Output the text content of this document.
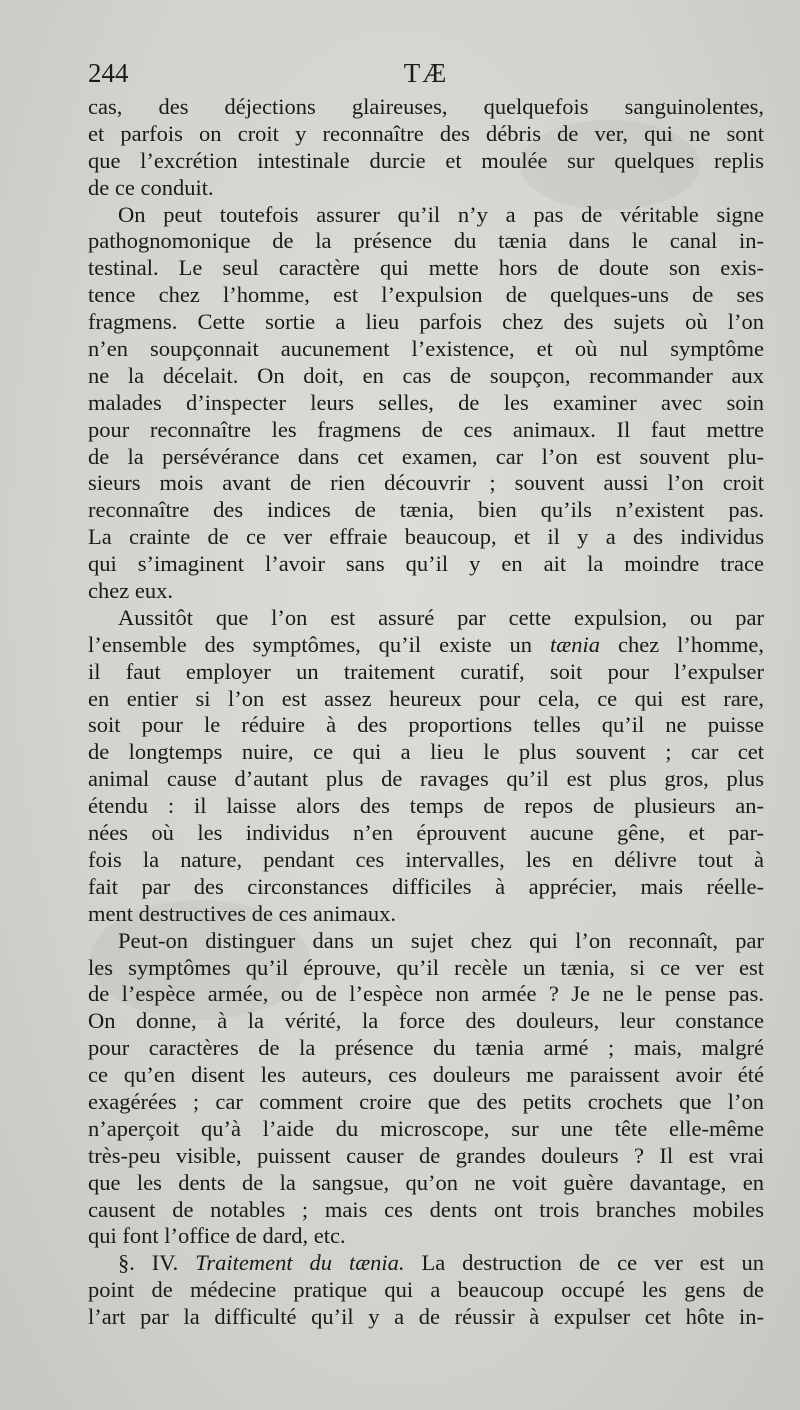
244	TÆ
cas, des déjections glaireuses, quelquefois sanguinolentes,
et parfois on croit y reconnaître des débris de ver, qui ne sont
que l’excrétion intestinale durcie et moulée sur quelques replis
de ce conduit.
On peut toutefois assurer qu’il n’y a pas de véritable signe
pathognomonique de la présence du tænia dans le canal in-
testinal. Le seul caractère qui mette hors de doute son exis-
tence chez l’homme, est l’expulsion de quelques-uns de ses
fragmens. Cette sortie a lieu parfois chez des sujets où l’on
n’en soupçonnait aucunement l’existence, et où nul symptôme
ne la décelait. On doit, en cas de soupçon, recommander aux
malades d’inspecter leurs selles, de les examiner avec soin
pour reconnaître les fragmens de ces animaux. Il faut mettre
de la persévérance dans cet examen, car l’on est souvent plu-
sieurs mois avant de rien découvrir ; souvent aussi l’on croit
reconnaître des indices de tænia, bien qu’ils n’existent pas.
La crainte de ce ver effraie beaucoup, et il y a des individus
qui s’imaginent l’avoir sans qu’il y en ait la moindre trace
chez eux.
Aussitôt que l’on est assuré par cette expulsion, ou par
l’ensemble des symptômes, qu’il existe un tænia chez l’homme,
il faut employer un traitement curatif, soit pour l’expulser
en entier si l’on est assez heureux pour cela, ce qui est rare,
soit pour le réduire à des proportions telles qu’il ne puisse
de longtemps nuire, ce qui a lieu le plus souvent ; car cet
animal cause d’autant plus de ravages qu’il est plus gros, plus
étendu : il laisse alors des temps de repos de plusieurs an-
nées où les individus n’en éprouvent aucune gêne, et par-
fois la nature, pendant ces intervalles, les en délivre tout à
fait par des circonstances difficiles à apprécier, mais réelle-
ment destructives de ces animaux.
Peut-on distinguer dans un sujet chez qui l’on reconnaît, par
les symptômes qu’il éprouve, qu’il recèle un tænia, si ce ver est
de l’espèce armée, ou de l’espèce non armée ? Je ne le pense pas.
On donne, à la vérité, la force des douleurs, leur constance
pour caractères de la présence du tænia armé ; mais, malgré
ce qu’en disent les auteurs, ces douleurs me paraissent avoir été
exagérées ; car comment croire que des petits crochets que l’on
n’aperçoit qu’à l’aide du microscope, sur une tête elle-même
très-peu visible, puissent causer de grandes douleurs ? Il est vrai
que les dents de la sangsue, qu’on ne voit guère davantage, en
causent de notables ; mais ces dents ont trois branches mobiles
qui font l’office de dard, etc.
§. IV. Traitement du tænia. La destruction de ce ver est un
point de médecine pratique qui a beaucoup occupé les gens de
l’art par la difficulté qu’il y a de réussir à expulser cet hôte in-
